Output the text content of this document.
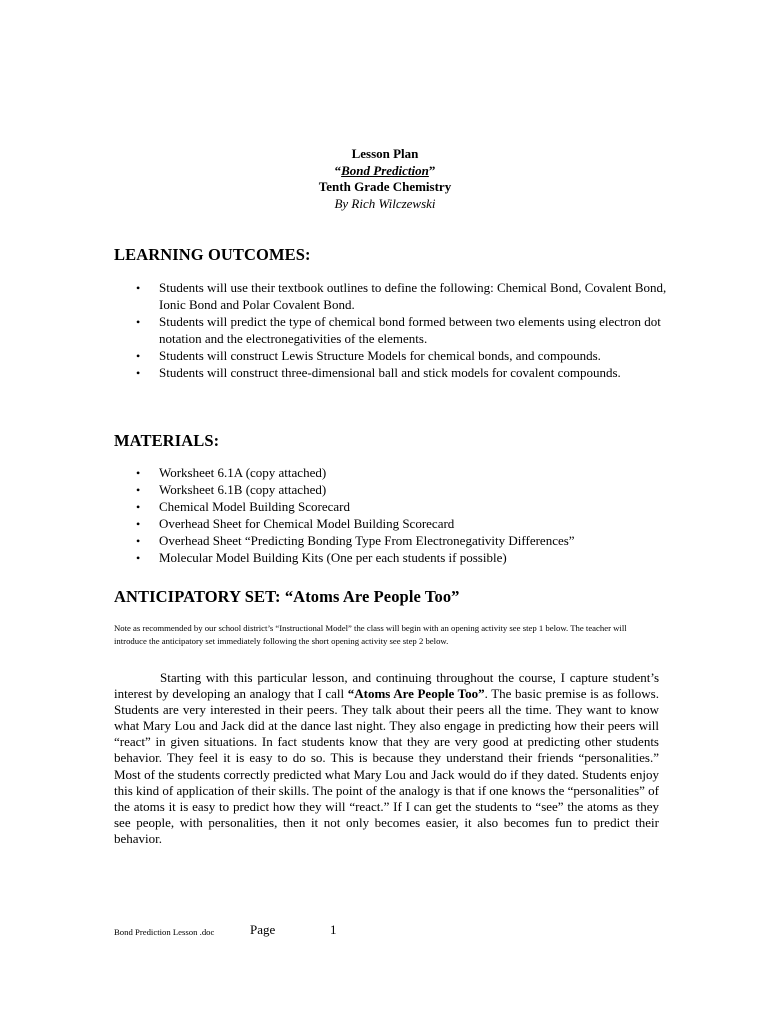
Lesson Plan
“Bond Prediction”
Tenth Grade Chemistry
By Rich Wilczewski
LEARNING OUTCOMES:
• Students will use their textbook outlines to define the following: Chemical Bond, Covalent Bond, Ionic Bond and Polar Covalent Bond.
• Students will predict the type of chemical bond formed between two elements using electron dot notation and the electronegativities of the elements.
• Students will construct Lewis Structure Models for chemical bonds, and compounds.
• Students will construct three-dimensional ball and stick models for covalent compounds.
MATERIALS:
• Worksheet 6.1A (copy attached)
• Worksheet 6.1B (copy attached)
• Chemical Model Building Scorecard
• Overhead Sheet for Chemical Model Building Scorecard
• Overhead Sheet “Predicting Bonding Type From Electronegativity Differences”
• Molecular Model Building Kits (One per each students if possible)
ANTICIPATORY SET: “Atoms Are People Too”
Note as recommended by our school district’s “Instructional Model” the class will begin with an opening activity see step 1 below. The teacher will introduce the anticipatory set immediately following the short opening activity see step 2 below.

Starting with this particular lesson, and continuing throughout the course, I capture student’s interest by developing an analogy that I call “Atoms Are People Too”. The basic premise is as follows. Students are very interested in their peers. They talk about their peers all the time. They want to know what Mary Lou and Jack did at the dance last night. They also engage in predicting how their peers will “react” in given situations. In fact students know that they are very good at predicting other students behavior. They feel it is easy to do so. This is because they understand their friends “personalities.” Most of the students correctly predicted what Mary Lou and Jack would do if they dated. Students enjoy this kind of application of their skills. The point of the analogy is that if one knows the “personalities” of the atoms it is easy to predict how they will “react.” If I can get the students to “see” the atoms as they see people, with personalities, then it not only becomes easier, it also becomes fun to predict their behavior.

Bond Prediction Lesson .doc	Page	1
